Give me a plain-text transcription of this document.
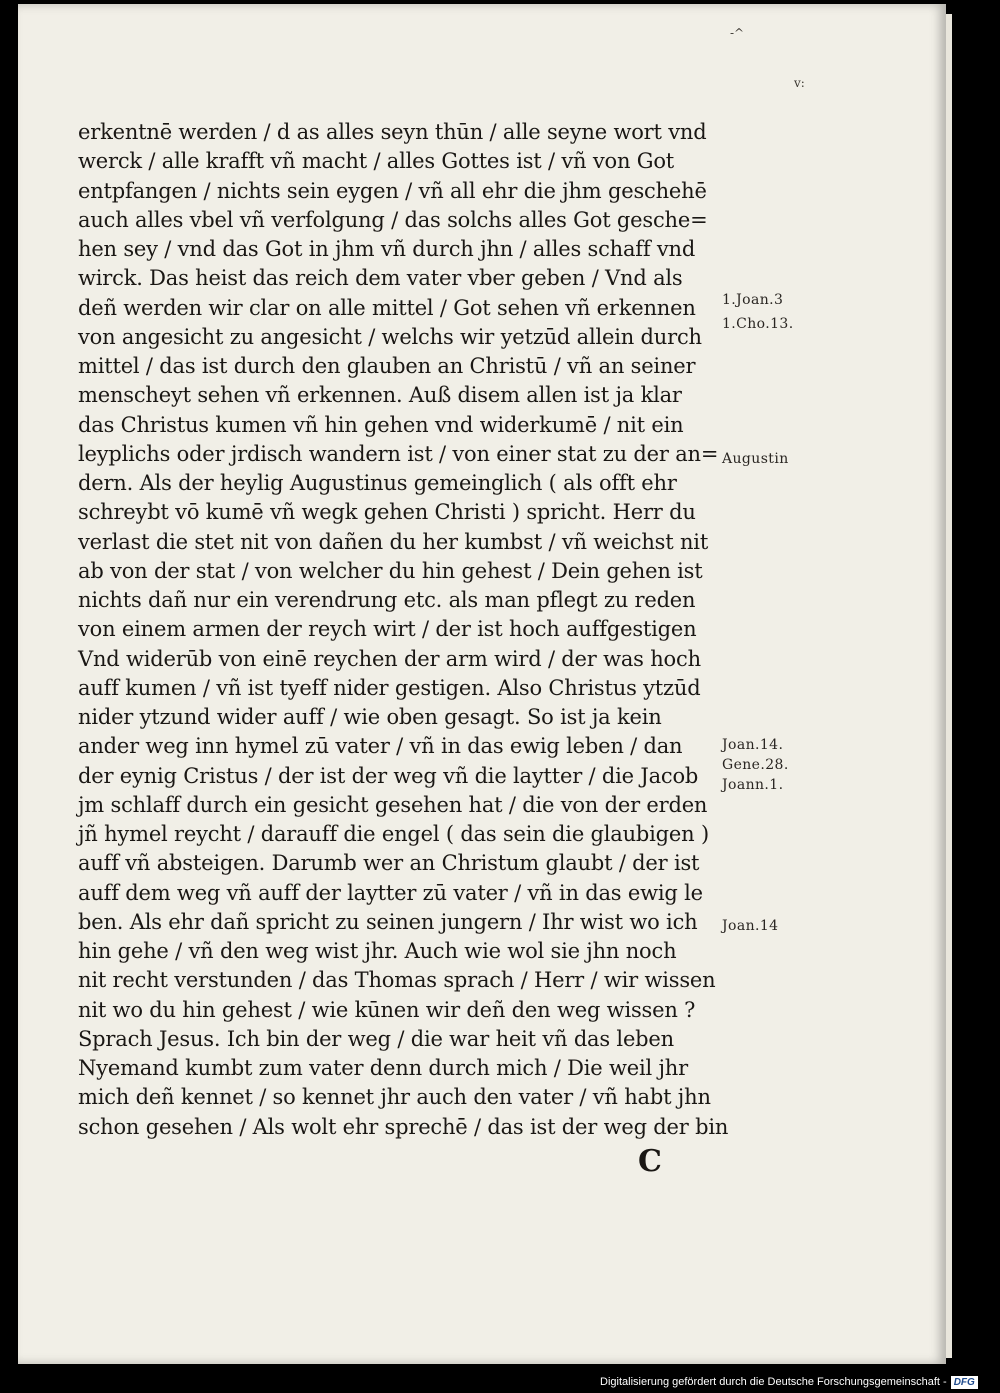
-^
v:
erkentnē werden / d as alles seyn thūn / alle seyne wort vnd
werck / alle krafft vñ macht / alles Gottes ist / vñ von Got
entpfangen / nichts sein eygen / vñ all ehr die jhm geschehē
auch alles vbel vñ verfolgung / das solchs alles Got gesche=
hen sey / vnd das Got in jhm vñ durch jhn / alles schaff vnd
wirck. Das heist das reich dem vater vber geben / Vnd als
deñ werden wir clar on alle mittel / Got sehen vñ erkennen
von angesicht zu angesicht / welchs wir yetzūd allein durch
mittel / das ist durch den glauben an Christū / vñ an seiner
menscheyt sehen vñ erkennen. Auß disem allen ist ja klar
das Christus kumen vñ hin gehen vnd widerkumē / nit ein
leyplichs oder jrdisch wandern ist / von einer stat zu der an=
dern. Als der heylig Augustinus gemeinglich ( als offt ehr
schreybt vō kumē vñ wegk gehen Christi ) spricht. Herr du
verlast die stet nit von dañen du her kumbst / vñ weichst nit
ab von der stat / von welcher du hin gehest / Dein gehen ist
nichts dañ nur ein verendrung etc. als man pflegt zu reden
von einem armen der reych wirt / der ist hoch auffgestigen
Vnd widerūb von einē reychen der arm wird / der was hoch
auff kumen / vñ ist tyeff nider gestigen. Also Christus ytzūd
nider ytzund wider auff / wie oben gesagt. So ist ja kein
ander weg inn hymel zū vater / vñ in das ewig leben / dan
der eynig Cristus / der ist der weg vñ die laytter / die Jacob
jm schlaff durch ein gesicht gesehen hat / die von der erden
jñ hymel reycht / darauff die engel ( das sein die glaubigen )
auff vñ absteigen. Darumb wer an Christum glaubt / der ist
auff dem weg vñ auff der laytter zū vater / vñ in das ewig le
ben. Als ehr dañ spricht zu seinen jungern / Ihr wist wo ich
hin gehe / vñ den weg wist jhr. Auch wie wol sie jhn noch
nit recht verstunden / das Thomas sprach / Herr / wir wissen
nit wo du hin gehest / wie kūnen wir deñ den weg wissen ?
Sprach Jesus. Ich bin der weg / die war heit vñ das leben
Nyemand kumbt zum vater denn durch mich / Die weil jhr
mich deñ kennet / so kennet jhr auch den vater / vñ habt jhn
schon gesehen / Als wolt ehr sprechē / das ist der weg der bin
1.Joan.3
1.Cho.13.
Augustin
Joan.14.
Gene.28.
Joann.1.
Joan.14
C
Digitalisierung gefördert durch die Deutsche Forschungsgemeinschaft - DFG
